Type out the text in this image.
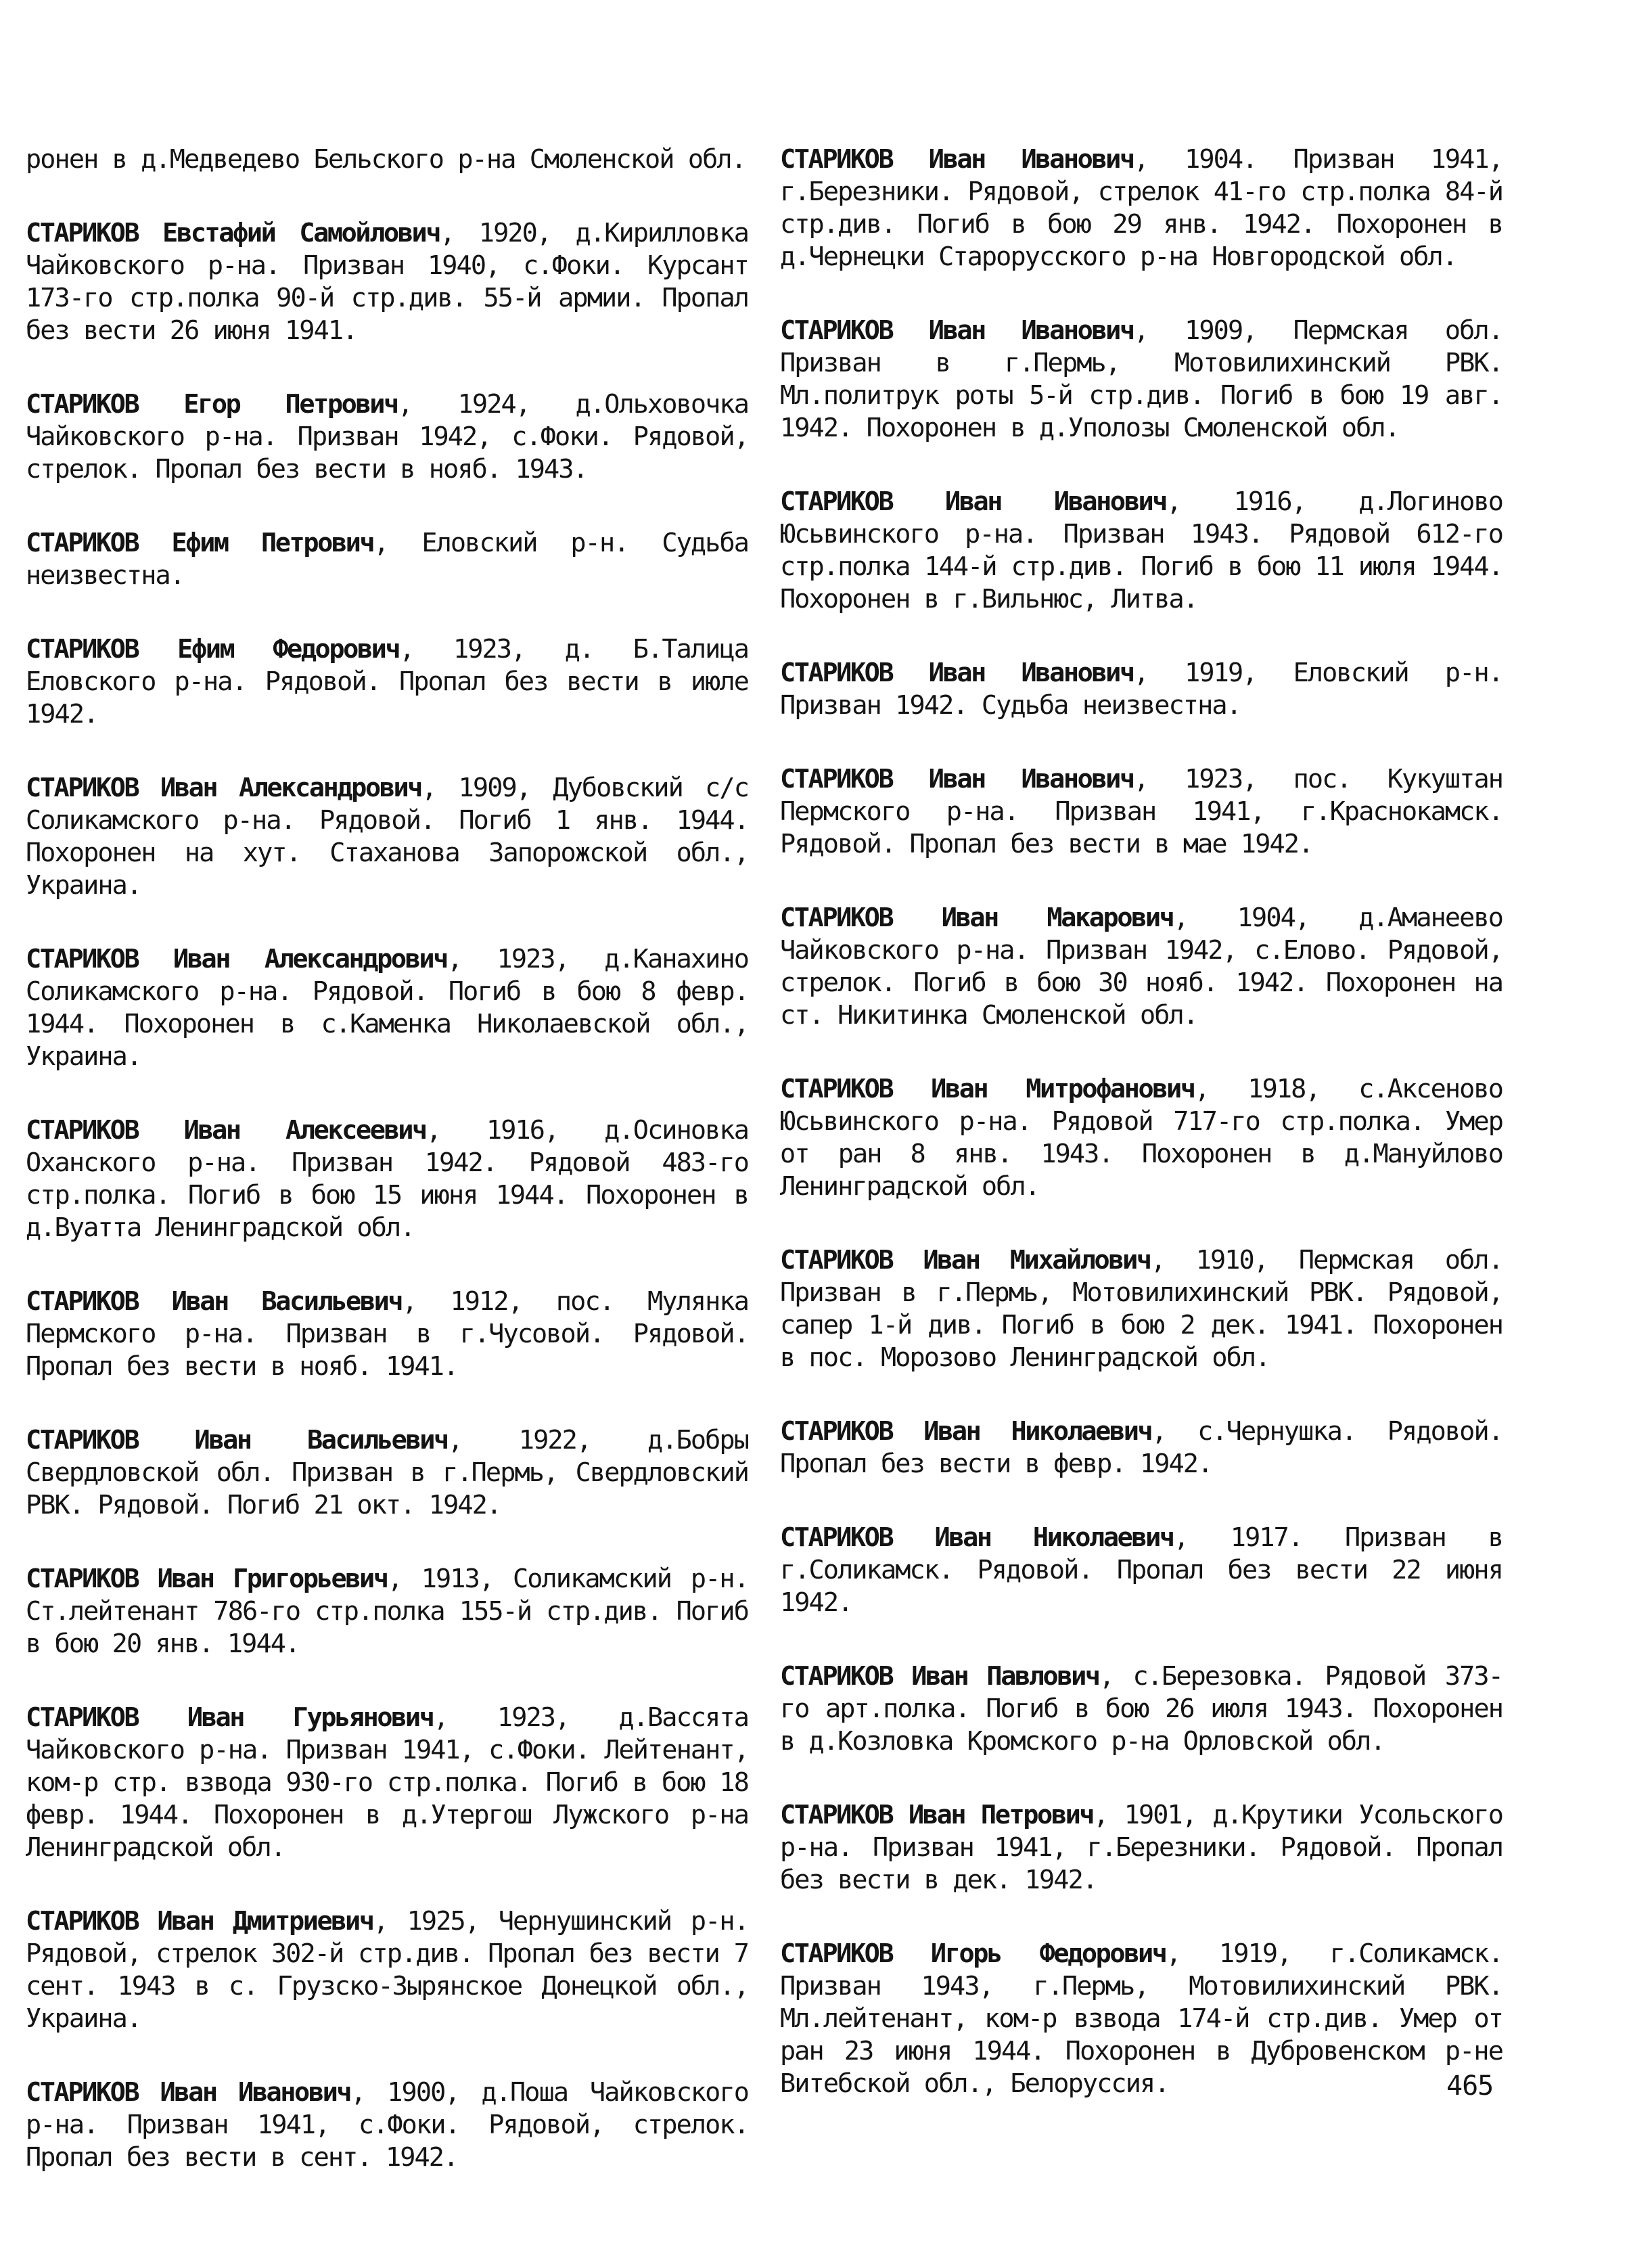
ронен в д.Медведево Бельского р-на Смоленской обл.

СТАРИКОВ Евстафий Самойлович, 1920, д.Кирилловка Чайковского р-на. Призван 1940, с.Фоки. Курсант 173-го стр.полка 90-й стр.див. 55-й армии. Пропал без вести 26 июня 1941.

СТАРИКОВ Егор Петрович, 1924, д.Ольховочка Чайковского р-на. Призван 1942, с.Фоки. Рядовой, стрелок. Пропал без вести в нояб. 1943.

СТАРИКОВ Ефим Петрович, Еловский р-н. Судьба неизвестна.

СТАРИКОВ Ефим Федорович, 1923, д. Б.Талица Еловского р-на. Рядовой. Пропал без вести в июле 1942.

СТАРИКОВ Иван Александрович, 1909, Дубовский с/с Соликамского р-на. Рядовой. Погиб 1 янв. 1944. Похоронен на хут. Стаханова Запорожской обл., Украина.

СТАРИКОВ Иван Александрович, 1923, д.Канахино Соликамского р-на. Рядовой. Погиб в бою 8 февр. 1944. Похоронен в с.Каменка Николаевской обл., Украина.

СТАРИКОВ Иван Алексеевич, 1916, д.Осиновка Оханского р-на. Призван 1942. Рядовой 483-го стр.полка. Погиб в бою 15 июня 1944. Похоронен в д.Вуатта Ленинградской обл.

СТАРИКОВ Иван Васильевич, 1912, пос. Мулянка Пермского р-на. Призван в г.Чусовой. Рядовой. Пропал без вести в нояб. 1941.

СТАРИКОВ Иван Васильевич, 1922, д.Бобры Свердловской обл. Призван в г.Пермь, Свердловский РВК. Рядовой. Погиб 21 окт. 1942.

СТАРИКОВ Иван Григорьевич, 1913, Соликамский р-н. Ст.лейтенант 786-го стр.полка 155-й стр.див. Погиб в бою 20 янв. 1944.

СТАРИКОВ Иван Гурьянович, 1923, д.Вассята Чайковского р-на. Призван 1941, с.Фоки. Лейтенант, ком-р стр. взвода 930-го стр.полка. Погиб в бою 18 февр. 1944. Похоронен в д.Утергош Лужского р-на Ленинградской обл.

СТАРИКОВ Иван Дмитриевич, 1925, Чернушинский р-н. Рядовой, стрелок 302-й стр.див. Пропал без вести 7 сент. 1943 в с. Грузско-Зырянское Донецкой обл., Украина.

СТАРИКОВ Иван Иванович, 1900, д.Поша Чайковского р-на. Призван 1941, с.Фоки. Рядовой, стрелок. Пропал без вести в сент. 1942.

СТАРИКОВ Иван Иванович, 1904. Призван 1941, г.Березники. Рядовой, стрелок 41-го стр.полка 84-й стр.див. Погиб в бою 29 янв. 1942. Похоронен в д.Чернецки Старорусского р-на Новгородской обл.

СТАРИКОВ Иван Иванович, 1909, Пермская обл. Призван в г.Пермь, Мотовилихинский РВК. Мл.политрук роты 5-й стр.див. Погиб в бою 19 авг. 1942. Похоронен в д.Уполозы Смоленской обл.

СТАРИКОВ Иван Иванович, 1916, д.Логиново Юсьвинского р-на. Призван 1943. Рядовой 612-го стр.полка 144-й стр.див. Погиб в бою 11 июля 1944. Похоронен в г.Вильнюс, Литва.

СТАРИКОВ Иван Иванович, 1919, Еловский р-н. Призван 1942. Судьба неизвестна.

СТАРИКОВ Иван Иванович, 1923, пос. Кукуштан Пермского р-на. Призван 1941, г.Краснокамск. Рядовой. Пропал без вести в мае 1942.

СТАРИКОВ Иван Макарович, 1904, д.Аманеево Чайковского р-на. Призван 1942, с.Елово. Рядовой, стрелок. Погиб в бою 30 нояб. 1942. Похоронен на ст. Никитинка Смоленской обл.

СТАРИКОВ Иван Митрофанович, 1918, с.Аксеново Юсьвинского р-на. Рядовой 717-го стр.полка. Умер от ран 8 янв. 1943. Похоронен в д.Мануйлово Ленинградской обл.

СТАРИКОВ Иван Михайлович, 1910, Пермская обл. Призван в г.Пермь, Мотовилихинский РВК. Рядовой, сапер 1-й див. Погиб в бою 2 дек. 1941. Похоронен в пос. Морозово Ленинградской обл.

СТАРИКОВ Иван Николаевич, с.Чернушка. Рядовой. Пропал без вести в февр. 1942.

СТАРИКОВ Иван Николаевич, 1917. Призван в г.Соликамск. Рядовой. Пропал без вести 22 июня 1942.

СТАРИКОВ Иван Павлович, с.Березовка. Рядовой 373-го арт.полка. Погиб в бою 26 июля 1943. Похоронен в д.Козловка Кромского р-на Орловской обл.

СТАРИКОВ Иван Петрович, 1901, д.Крутики Усольского р-на. Призван 1941, г.Березники. Рядовой. Пропал без вести в дек. 1942.

СТАРИКОВ Игорь Федорович, 1919, г.Соликамск. Призван 1943, г.Пермь, Мотовилихинский РВК. Мл.лейтенант, ком-р взвода 174-й стр.див. Умер от ран 23 июня 1944. Похоронен в Дубровенском р-не Витебской обл., Белоруссия.	465
